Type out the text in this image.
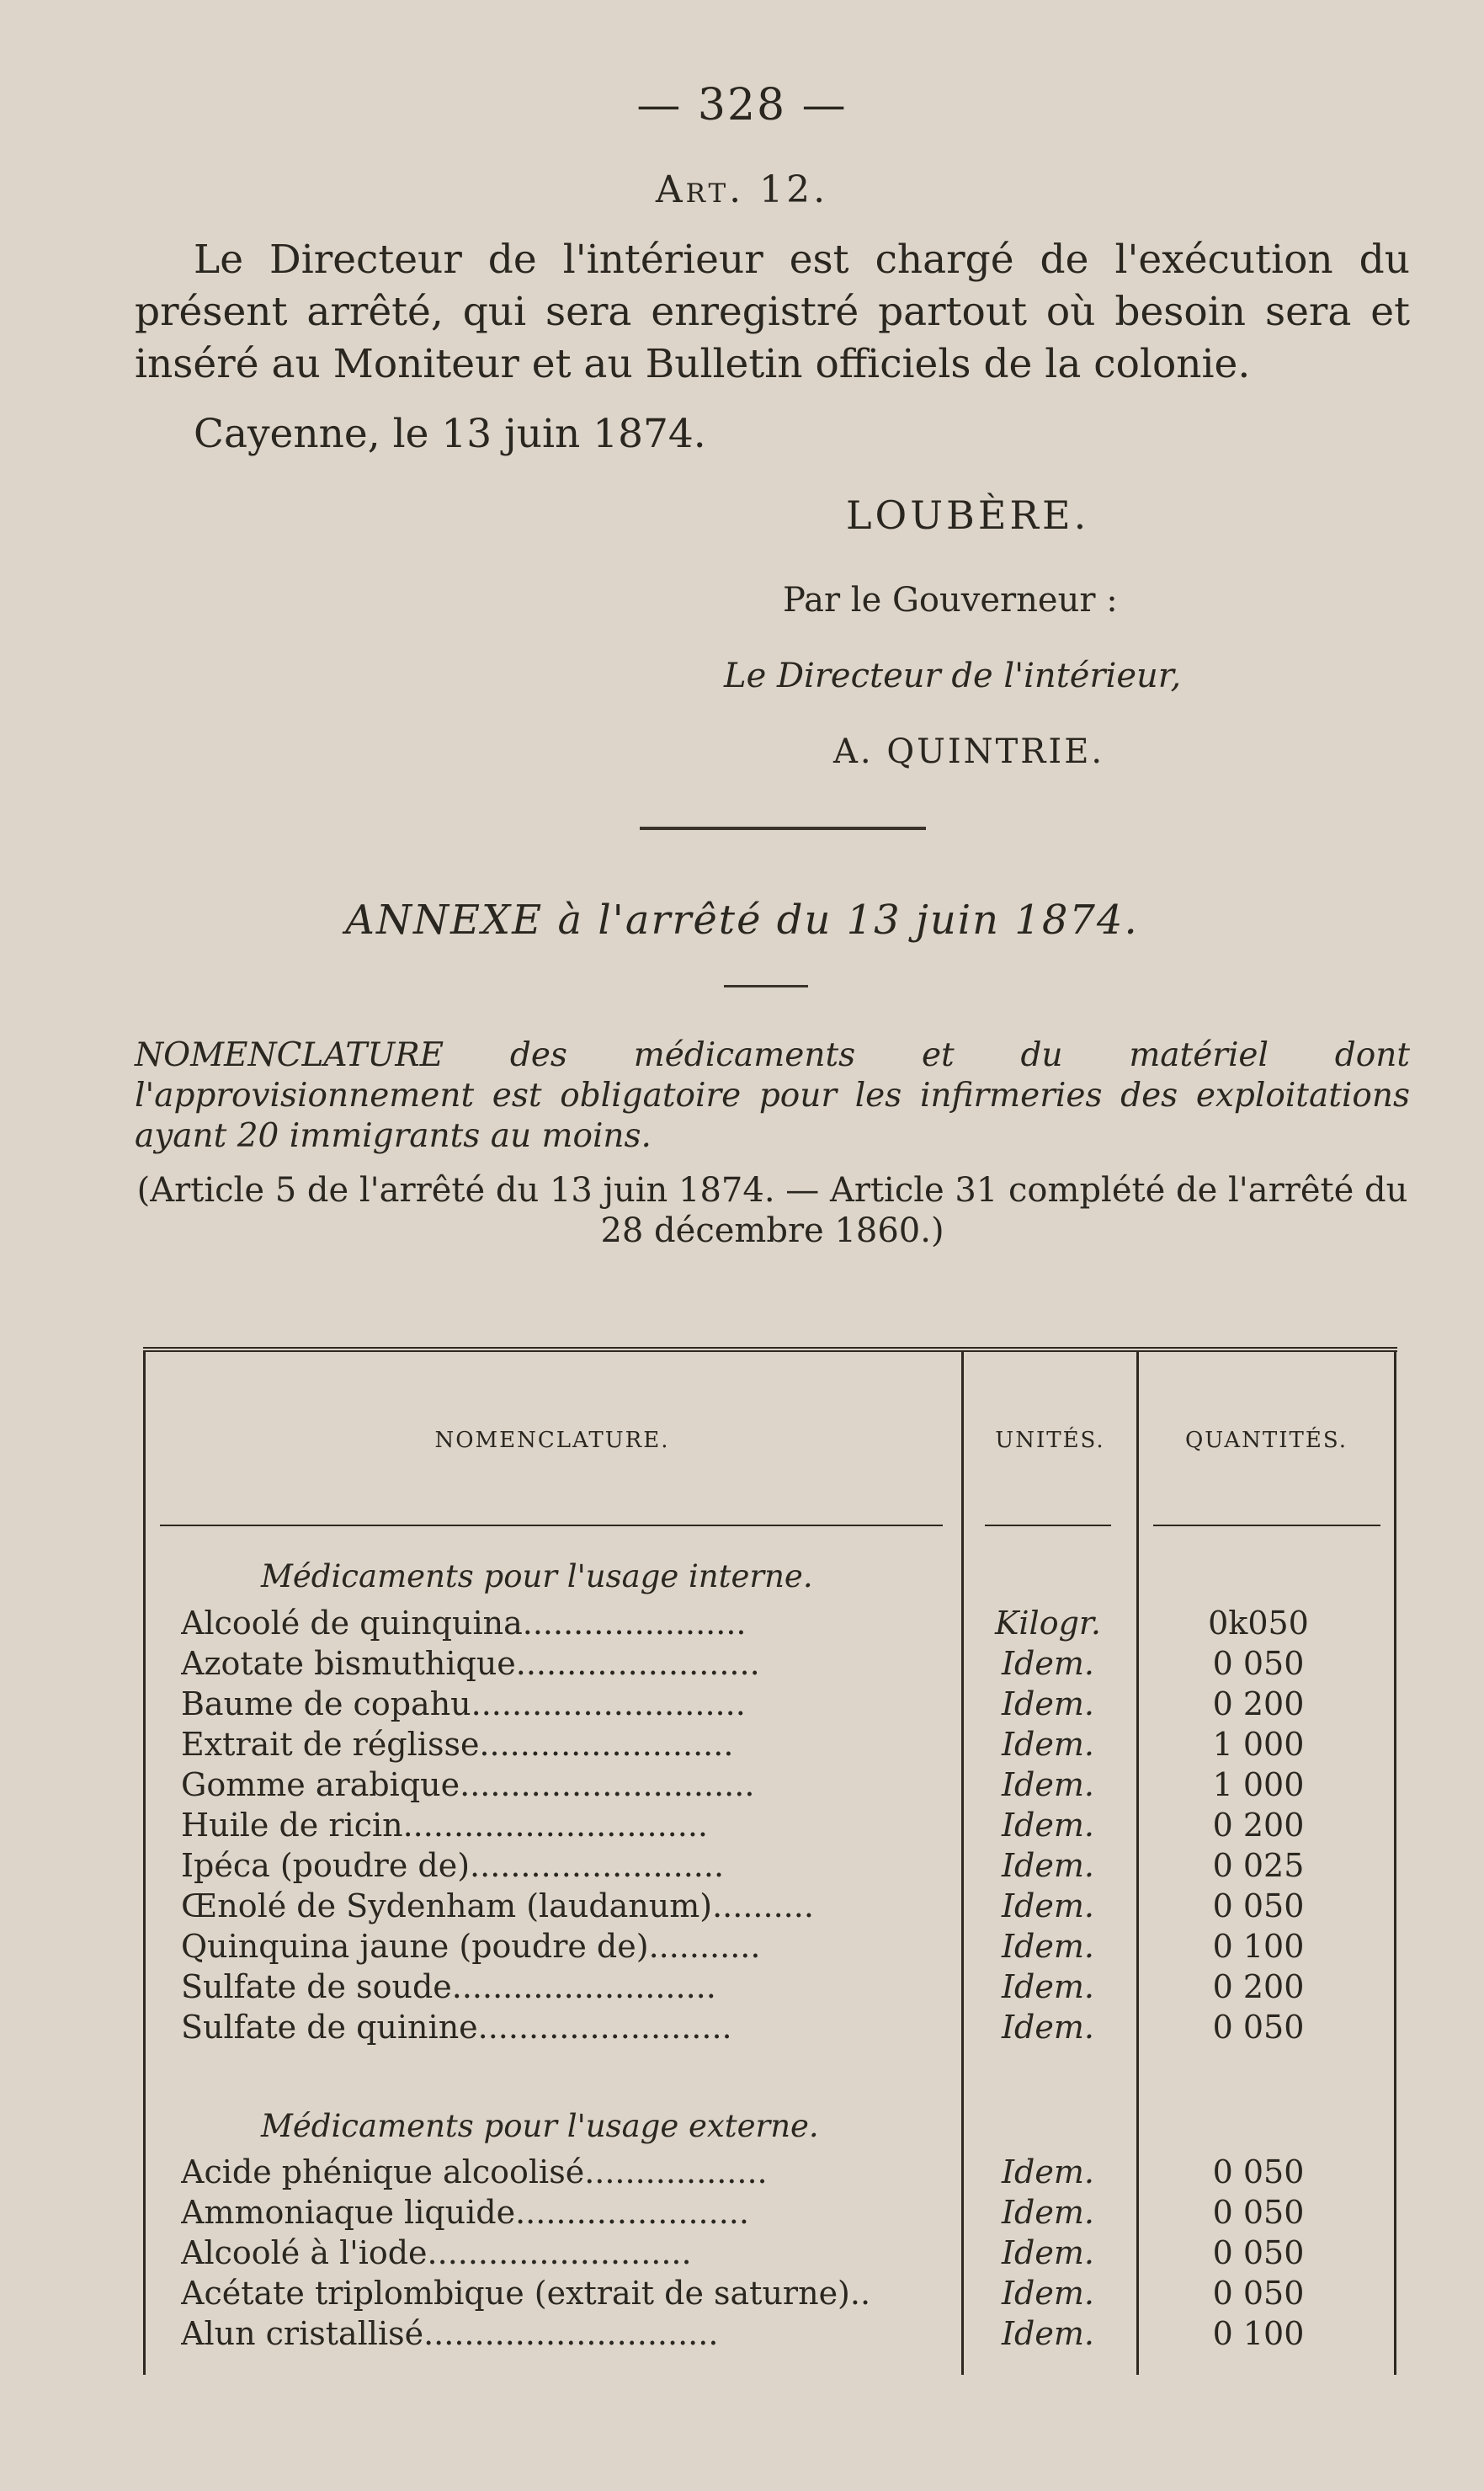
— 328 —
Art. 12.

Le Directeur de l'intérieur est chargé de l'exécution du présent arrêté, qui sera enregistré partout où besoin sera et inséré au Moniteur et au Bulletin officiels de la colonie.

Cayenne, le 13 juin 1874.
LOUBÈRE.
Par le Gouverneur :
Le Directeur de l'intérieur,
A. QUINTRIE.
ANNEXE à l'arrêté du 13 juin 1874.
NOMENCLATURE des médicaments et du matériel dont l'approvisionnement est obligatoire pour les infirmeries des exploitations ayant 20 immigrants au moins.
(Article 5 de l'arrêté du 13 juin 1874. — Article 31 complété de l'arrêté du 28 décembre 1860.)
NOMENCLATURE.	UNITÉS.	QUANTITÉS.
Médicaments pour l'usage interne.
Alcoolé de quinquina......................	Kilogr.	0k050
Azotate bismuthique........................	Idem.	0 050
Baume de copahu...........................	Idem.	0 200
Extrait de réglisse.........................	Idem.	1 000
Gomme arabique.............................	Idem.	1 000
Huile de ricin..............................	Idem.	0 200
Ipéca (poudre de).........................	Idem.	0 025
Œnolé de Sydenham (laudanum)..........	Idem.	0 050
Quinquina jaune (poudre de)...........	Idem.	0 100
Sulfate de soude..........................	Idem.	0 200
Sulfate de quinine.........................	Idem.	0 050
Médicaments pour l'usage externe.
Acide phénique alcoolisé..................	Idem.	0 050
Ammoniaque liquide.......................	Idem.	0 050
Alcoolé à l'iode..........................	Idem.	0 050
Acétate triplombique (extrait de saturne)..	Idem.	0 050
Alun cristallisé.............................	Idem.	0 100
